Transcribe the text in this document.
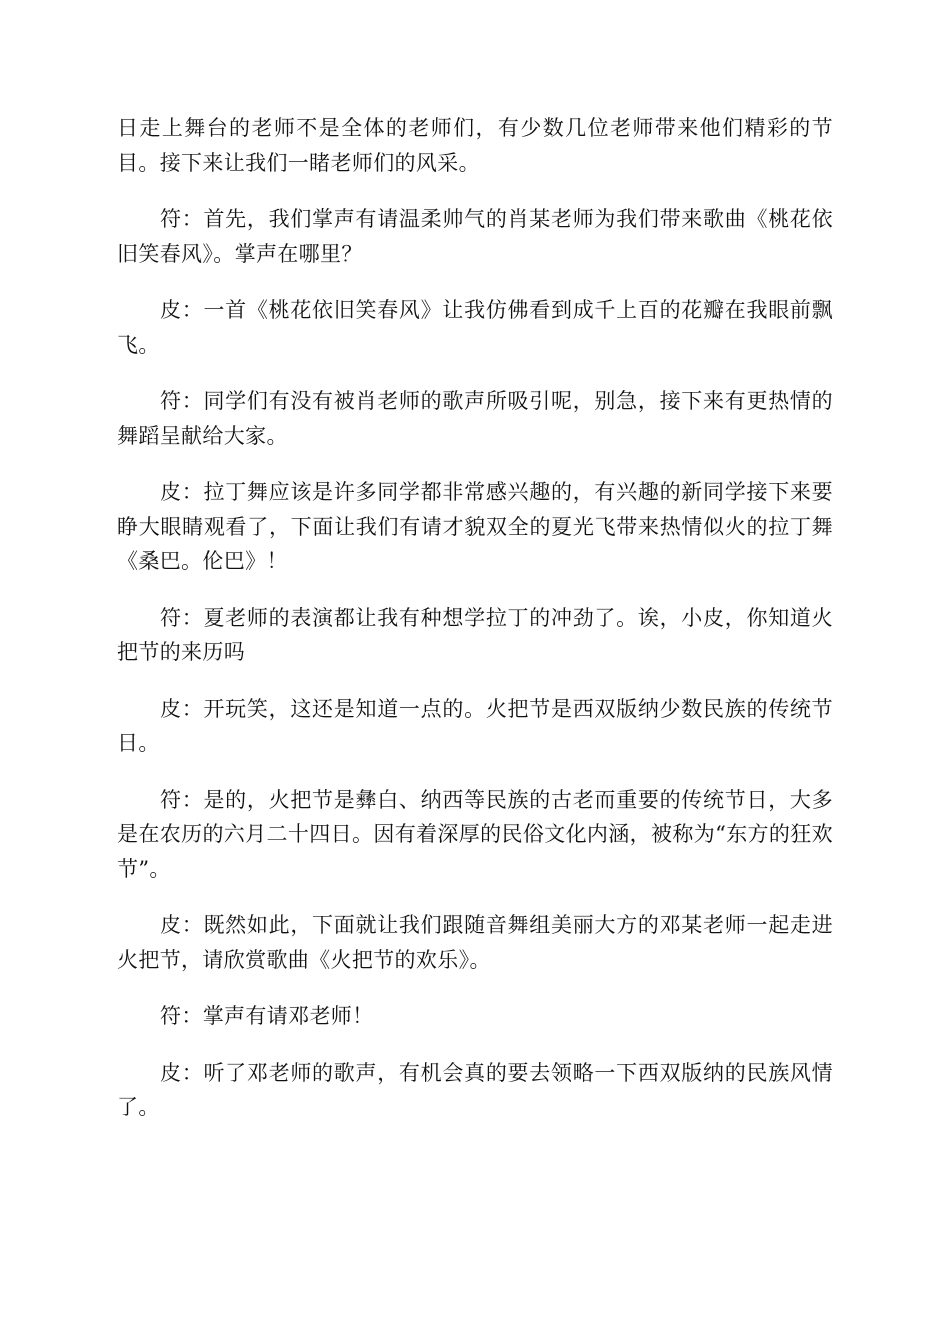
日走上舞台的老师不是全体的老师们，有少数几位老师带来他们精彩的节目。接下来让我们一睹老师们的风采。

符：首先，我们掌声有请温柔帅气的肖某老师为我们带来歌曲《桃花依旧笑春风》。掌声在哪里？

皮：一首《桃花依旧笑春风》让我仿佛看到成千上百的花瓣在我眼前飘飞。

符：同学们有没有被肖老师的歌声所吸引呢，别急，接下来有更热情的舞蹈呈献给大家。

皮：拉丁舞应该是许多同学都非常感兴趣的，有兴趣的新同学接下来要睁大眼睛观看了，下面让我们有请才貌双全的夏光飞带来热情似火的拉丁舞《桑巴。伦巴》！

符：夏老师的表演都让我有种想学拉丁的冲劲了。诶，小皮，你知道火把节的来历吗

皮：开玩笑，这还是知道一点的。火把节是西双版纳少数民族的传统节日。

符：是的，火把节是彝白、纳西等民族的古老而重要的传统节日，大多是在农历的六月二十四日。因有着深厚的民俗文化内涵，被称为“东方的狂欢节”。

皮：既然如此，下面就让我们跟随音舞组美丽大方的邓某老师一起走进火把节，请欣赏歌曲《火把节的欢乐》。

符：掌声有请邓老师！

皮：听了邓老师的歌声，有机会真的要去领略一下西双版纳的民族风情了。
